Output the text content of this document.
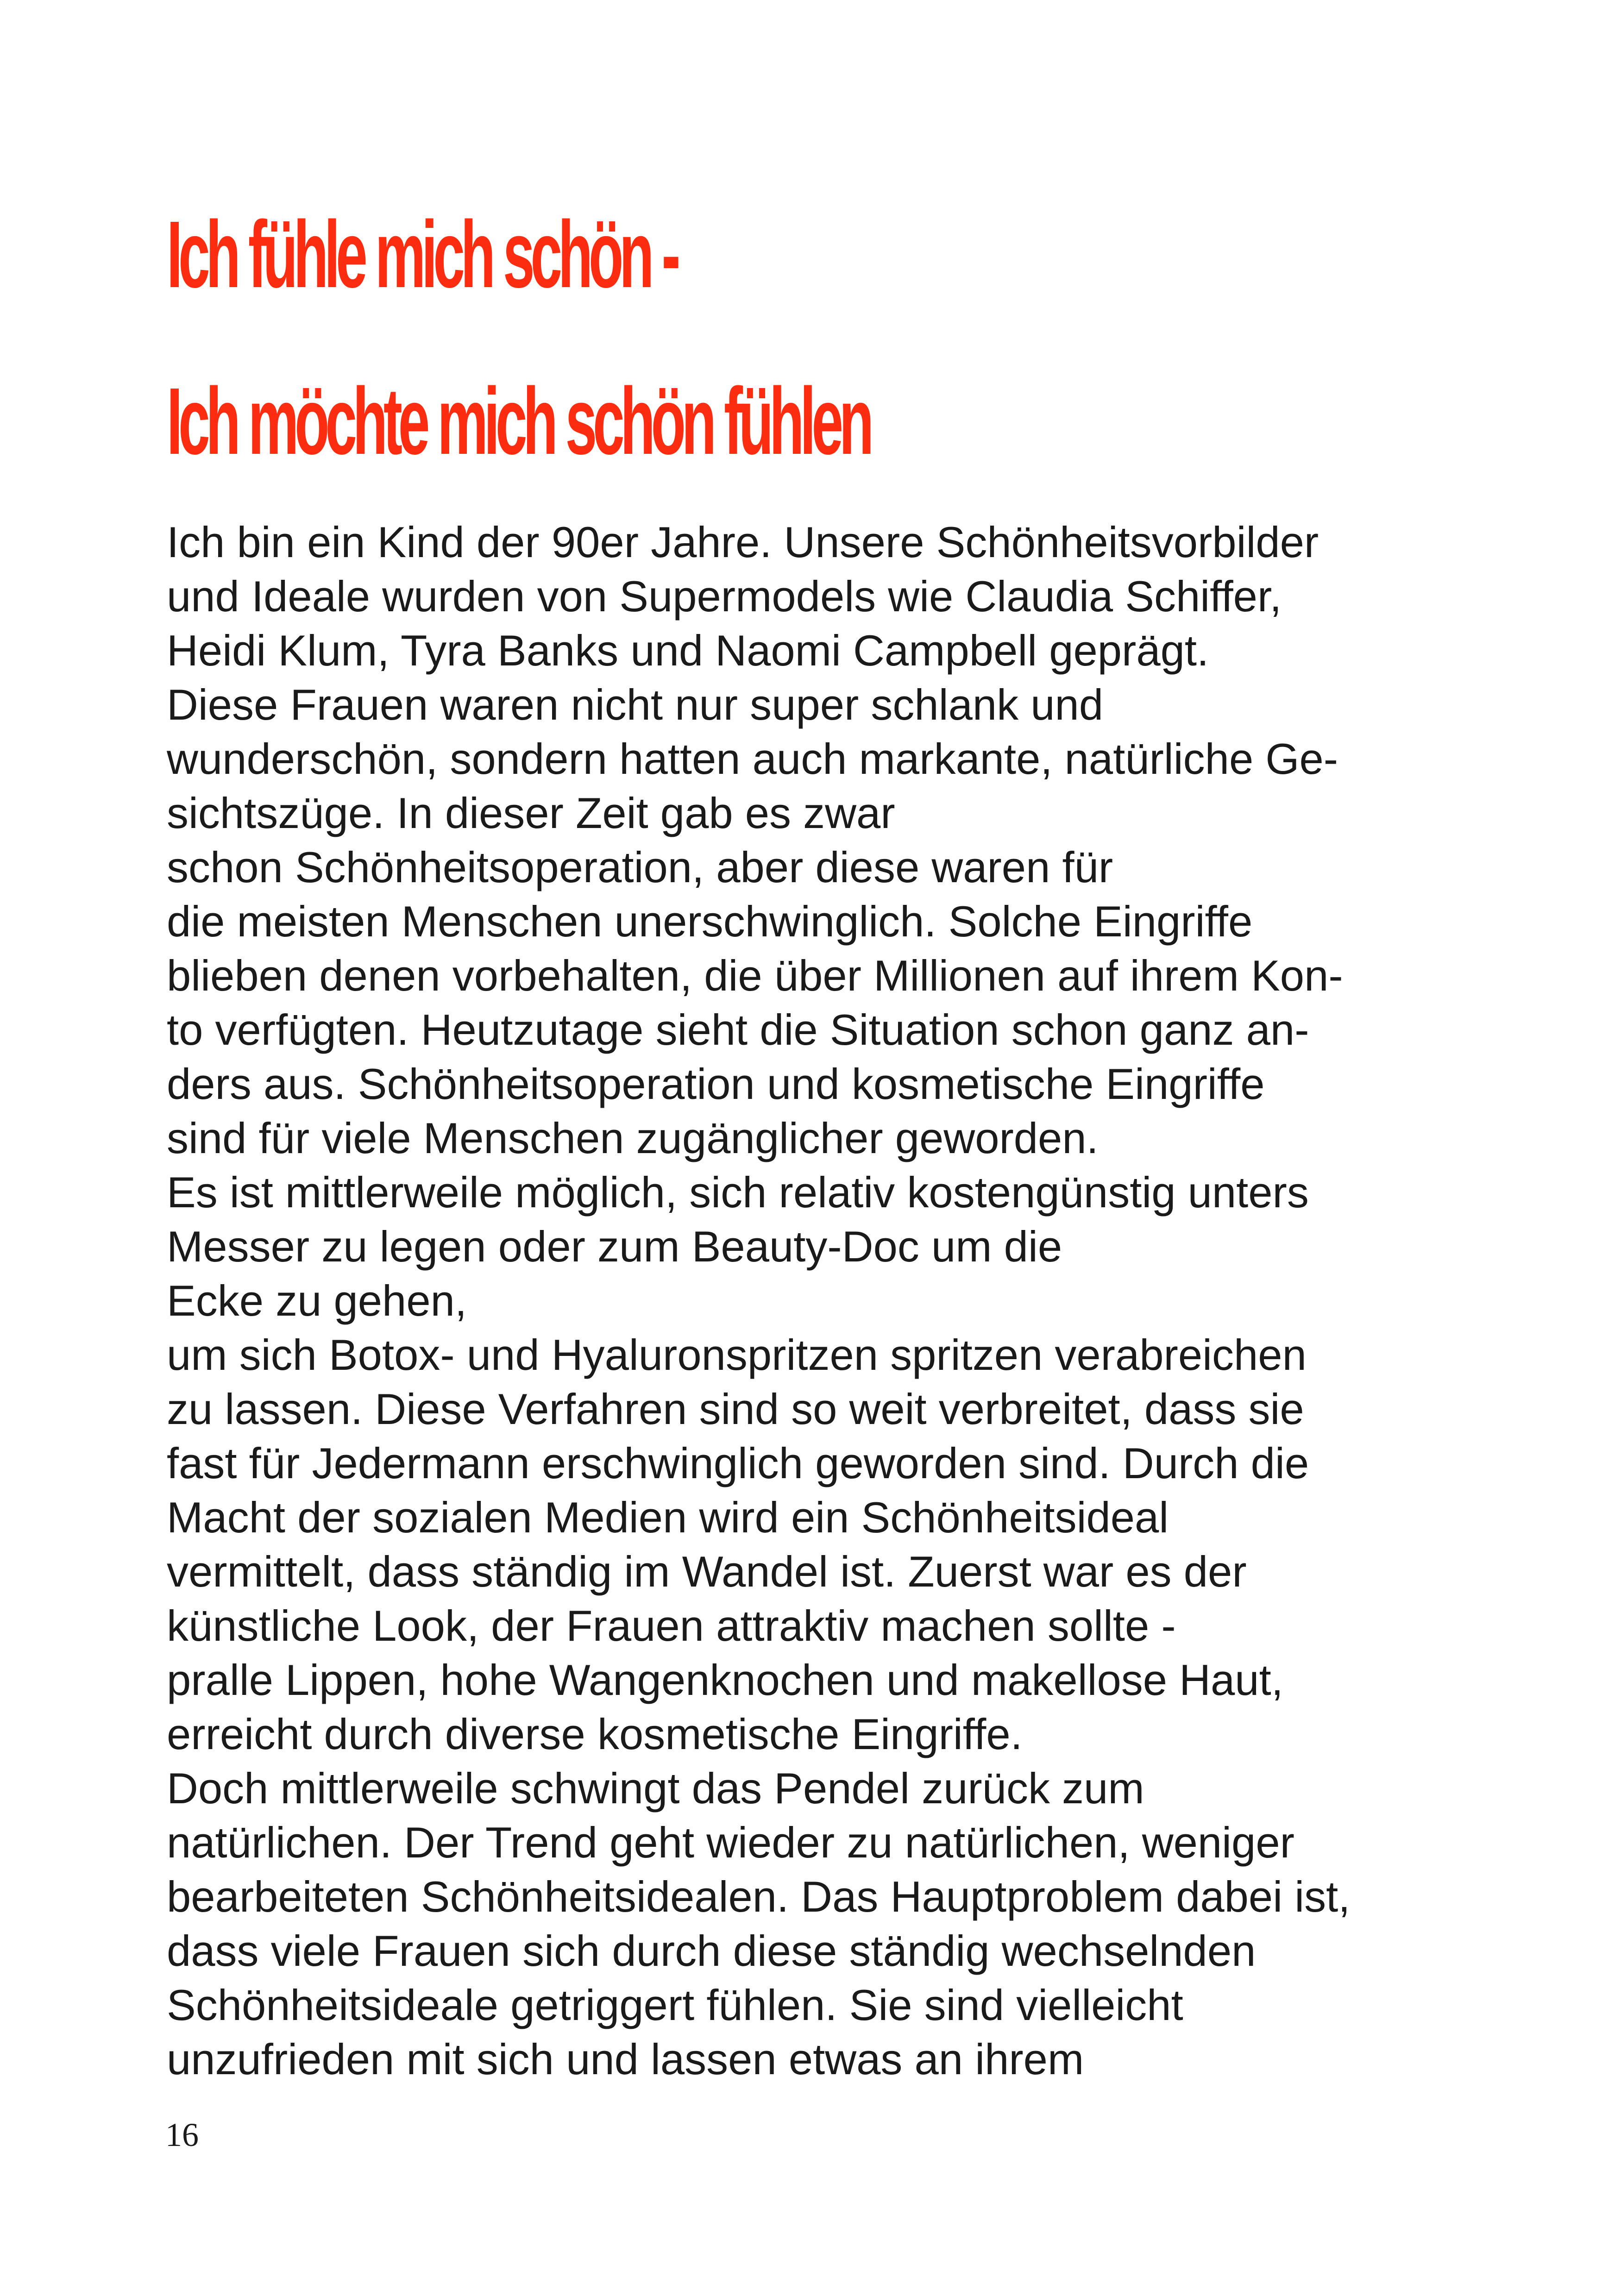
Ich fühle mich schön -
Ich möchte mich schön fühlen
Ich bin ein Kind der 90er Jahre. Unsere Schönheitsvorbilder
und Ideale wurden von Supermodels wie Claudia Schiffer,
Heidi Klum, Tyra Banks und Naomi Campbell geprägt.
Diese Frauen waren nicht nur super schlank und
wunderschön, sondern hatten auch markante, natürliche Ge-
sichtszüge. In dieser Zeit gab es zwar
schon Schönheitsoperation, aber diese waren für
die meisten Menschen unerschwinglich. Solche Eingriffe
blieben denen vorbehalten, die über Millionen auf ihrem Kon-
to verfügten. Heutzutage sieht die Situation schon ganz an-
ders aus. Schönheitsoperation und kosmetische Eingriffe
sind für viele Menschen zugänglicher geworden.
Es ist mittlerweile möglich, sich relativ kostengünstig unters
Messer zu legen oder zum Beauty-Doc um die
Ecke zu gehen,
um sich Botox- und Hyaluronspritzen spritzen verabreichen
zu lassen. Diese Verfahren sind so weit verbreitet, dass sie
fast für Jedermann erschwinglich geworden sind. Durch die
Macht der sozialen Medien wird ein Schönheitsideal
vermittelt, dass ständig im Wandel ist. Zuerst war es der
künstliche Look, der Frauen attraktiv machen sollte -
pralle Lippen, hohe Wangenknochen und makellose Haut,
erreicht durch diverse kosmetische Eingriffe.
Doch mittlerweile schwingt das Pendel zurück zum
natürlichen. Der Trend geht wieder zu natürlichen, weniger
bearbeiteten Schönheitsidealen. Das Hauptproblem dabei ist,
dass viele Frauen sich durch diese ständig wechselnden
Schönheitsideale getriggert fühlen. Sie sind vielleicht
unzufrieden mit sich und lassen etwas an ihrem
16
